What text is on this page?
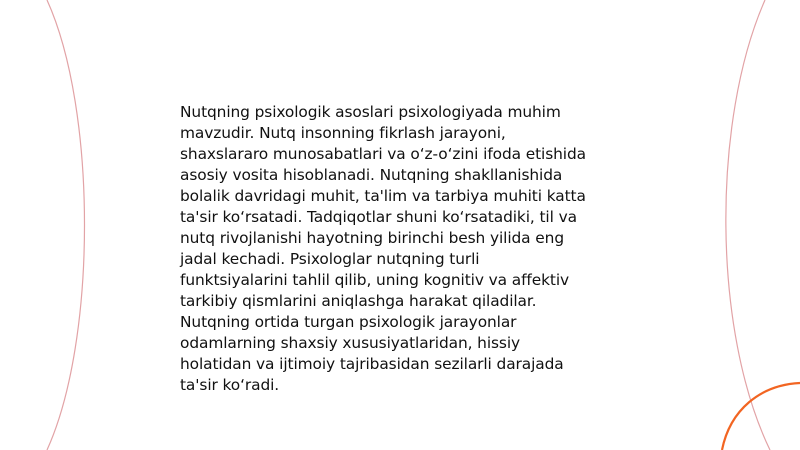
Nutqning psixologik asoslari psixologiyada muhim
mavzudir. Nutq insonning fikrlash jarayoni,
shaxslararo munosabatlari va o‘z-o‘zini ifoda etishida
asosiy vosita hisoblanadi. Nutqning shakllanishida
bolalik davridagi muhit, ta'lim va tarbiya muhiti katta
ta'sir ko‘rsatadi. Tadqiqotlar shuni ko‘rsatadiki, til va
nutq rivojlanishi hayotning birinchi besh yilida eng
jadal kechadi. Psixologlar nutqning turli
funktsiyalarini tahlil qilib, uning kognitiv va affektiv
tarkibiy qismlarini aniqlashga harakat qiladilar.
Nutqning ortida turgan psixologik jarayonlar
odamlarning shaxsiy xususiyatlaridan, hissiy
holatidan va ijtimoiy tajribasidan sezilarli darajada
ta'sir ko‘radi.
